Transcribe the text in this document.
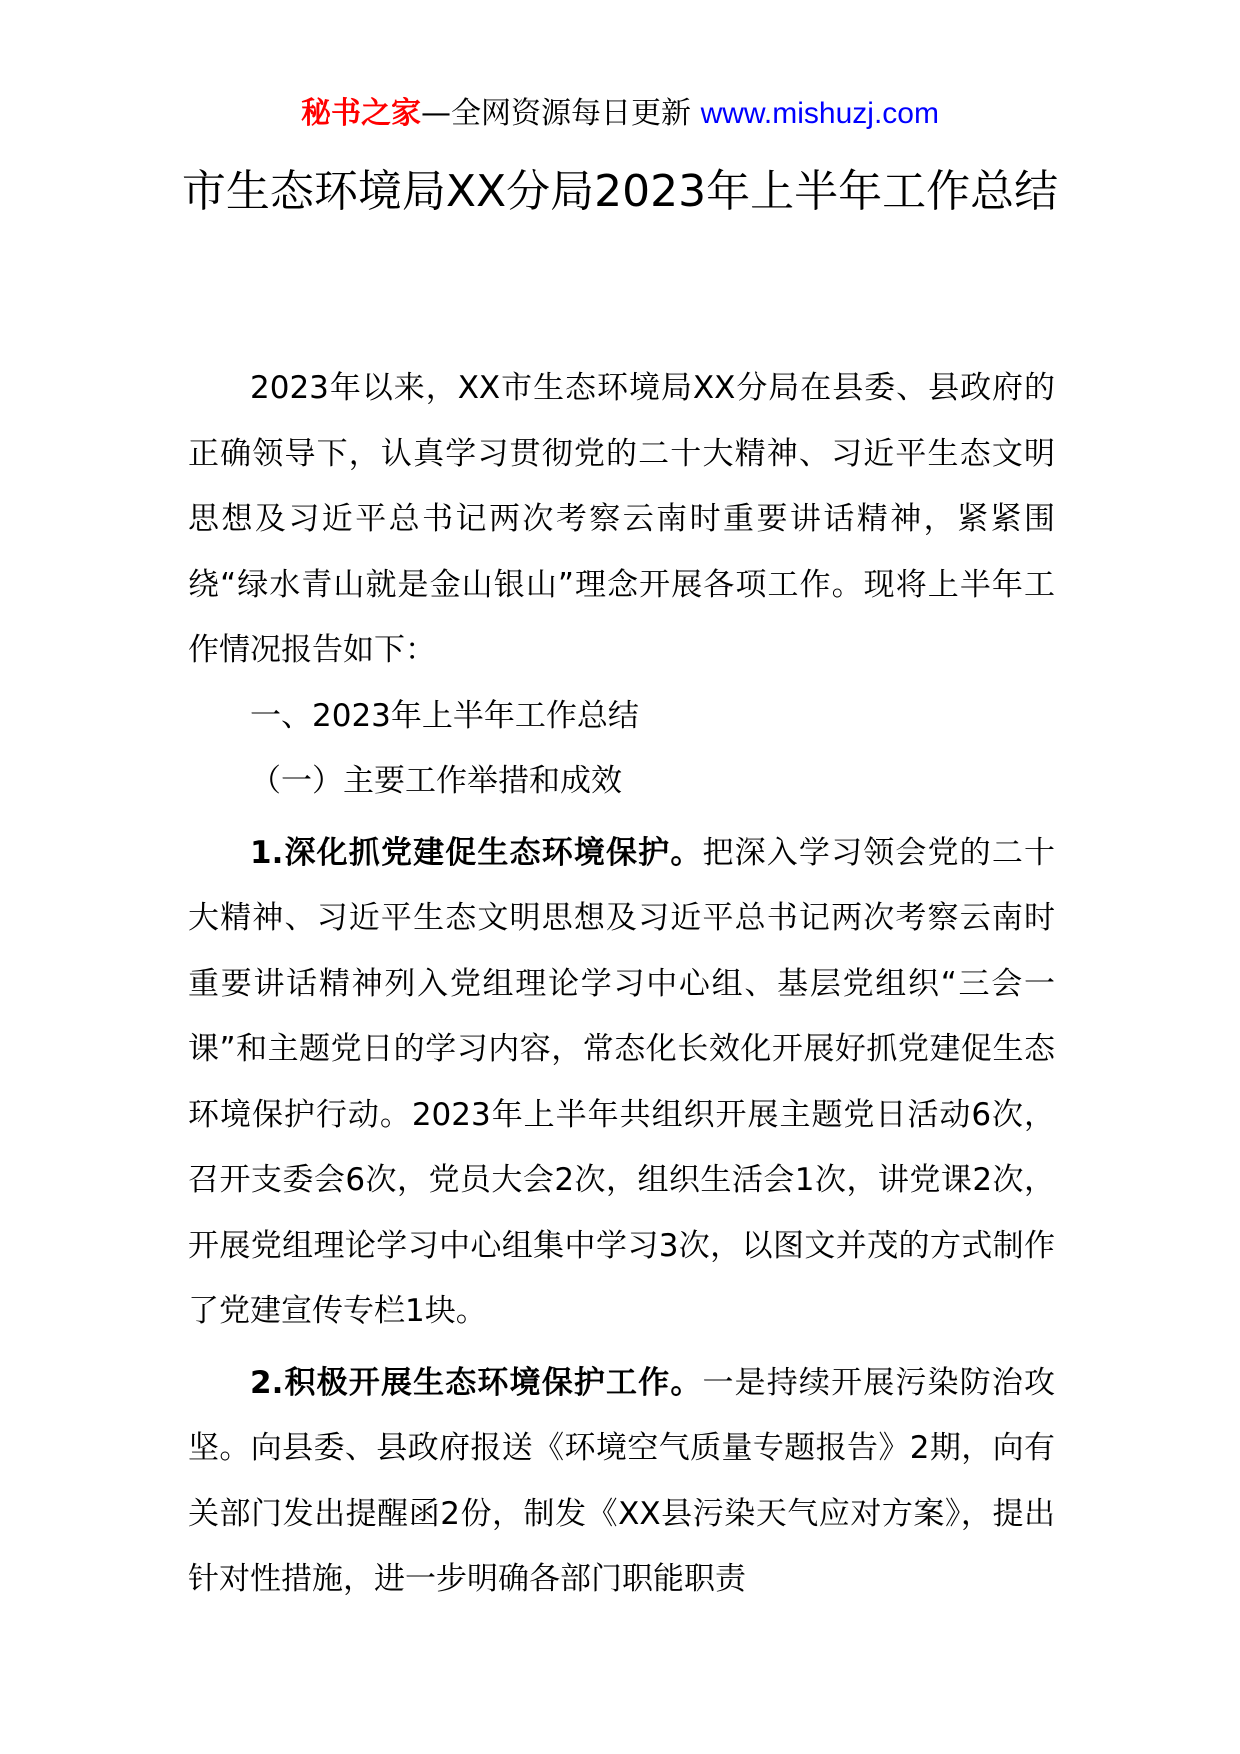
秘书之家—全网资源每日更新 www.mishuzj.com
市生态环境局XX分局2023年上半年工作总结

2023年以来，XX市生态环境局XX分局在县委、县政府的正确领导下，认真学习贯彻党的二十大精神、习近平生态文明思想及习近平总书记两次考察云南时重要讲话精神，紧紧围绕“绿水青山就是金山银山”理念开展各项工作。现将上半年工作情况报告如下：

一、2023年上半年工作总结

（一）主要工作举措和成效

1.深化抓党建促生态环境保护。把深入学习领会党的二十大精神、习近平生态文明思想及习近平总书记两次考察云南时重要讲话精神列入党组理论学习中心组、基层党组织“三会一课”和主题党日的学习内容，常态化长效化开展好抓党建促生态环境保护行动。2023年上半年共组织开展主题党日活动6次，召开支委会6次，党员大会2次，组织生活会1次，讲党课2次，开展党组理论学习中心组集中学习3次，以图文并茂的方式制作了党建宣传专栏1块。

2.积极开展生态环境保护工作。一是持续开展污染防治攻坚。向县委、县政府报送《环境空气质量专题报告》2期，向有关部门发出提醒函2份，制发《XX县污染天气应对方案》，提出针对性措施，进一步明确各部门职能职责
